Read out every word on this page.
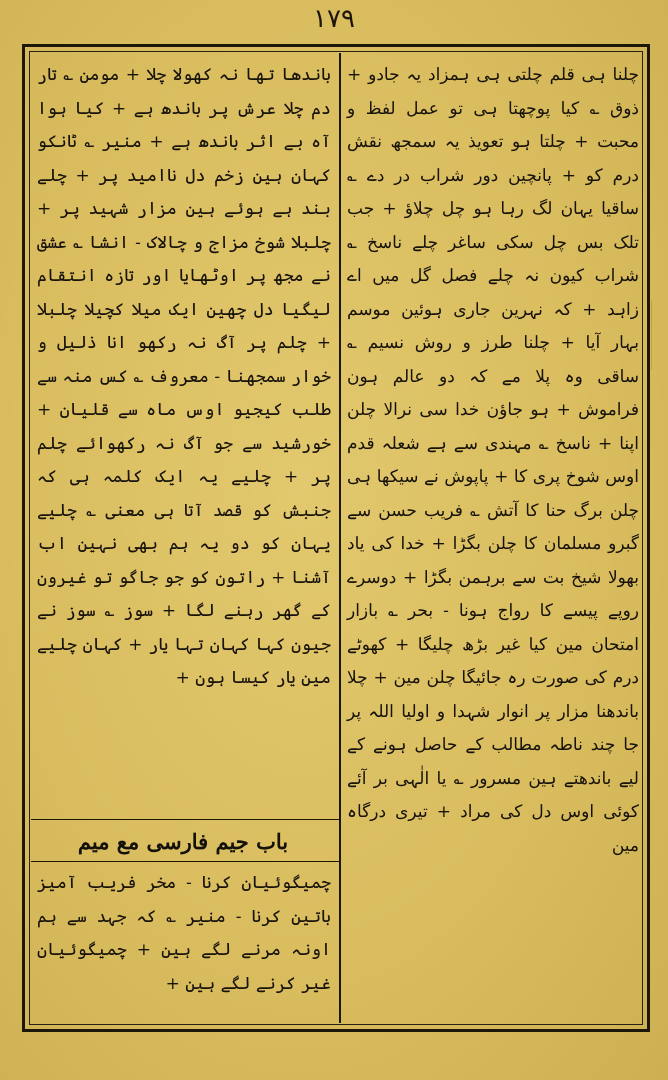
۱۷۹

چلنا ہی قلم چلتی ہی ہمزاد یہ جادو + ذوق ؎ کیا پوچھتا ہی تو عمل لفظ و محبت + چلتا ہو تعویذ یہ سمجھ نقش درم کو + پانچین دور شراب در دے ؎ ساقیا یہان لگ رہا ہو چل چلاؤ + جب تلک بس چل سکی ساغر چلے ناسخ ؎ شراب کیون نہ چلے فصل گل میں اے زاہد + کہ نہرین جاری ہوئین موسم بہار آیا + چلنا طرز و روش نسیم ؎ ساقی وہ پلا مے کہ دو عالم ہون فراموش + ہو جاؤن خدا سی نرالا چلن اپنا + ناسخ ؎ مہندی سے ہے شعلہ قدم اوس شوخ پری کا + پاپوش نے سیکھا ہی چلن برگ حنا کا آتش ؎ فریب حسن سے گبرو مسلمان کا چلن بگڑا + خدا کی یاد بھولا شیخ بت سے برہمن بگڑا + دوسرے روپے پیسے کا رواج ہونا - بحر ؎ بازار امتحان مین کیا غیر بڑھ چلیگا + کھوٹے درم کی صورت رہ جائیگا چلن مین + چلا باندھنا مزار پر انوار شہدا و اولیا اللہ پر جا چند ناطہ مطالب کے حاصل ہونے کے لیے باندھتے ہین مسرور ؎ یا الٰہی بر آئے کوئی اوس دل کی مراد + تیری درگاہ مین

باندھا تھا نہ کھولا چلا + مومن ؎ تار دم چلا عرش پر باندھ ہے + کیا ہوا آہ بے اثر باندھ ہے + منیر ؎ ٹانکو کہان ہین زخم دل ناامید پر + چلے بند ہے ہوئے ہین مزار شہید پر + چلبلا شوخ مزاج و چالاک - انشا ؎ عشق نے مجھ پر اوٹھایا اور تازہ انتقام لیگیا دل چھین ایک میلا کچیلا چلبلا + چلم پر آگ نہ رکھو انا ذلیل و خوار سمجھنا - معروف ؎ کس منہ سے طلب کیجیو اوس ماہ سے قلیان + خورشید سے جو آگ نہ رکھوائے چلم پر + چلیے یہ ایک کلمہ ہی کہ جنبش کو قصد آتا ہی معنی ؎ چلیے یہان کو دو یہ ہم بھی نہین اب آشنا + راتون کو جو جاگو تو غیرون کے گھر رہنے لگا + سوز ؎ سوز نے جیون کہا کہان تہا یار + کہان چلیے مین یار کیسا ہون +

باب جیم فارسی مع میم

چمیگوئیان کرنا - مخر فریب آمیز باتین کرنا - منیر ؎ کہ جہد سے ہم اونہ مرنے لگے ہین + چمیگوئیان غیر کرنے لگے ہین +
